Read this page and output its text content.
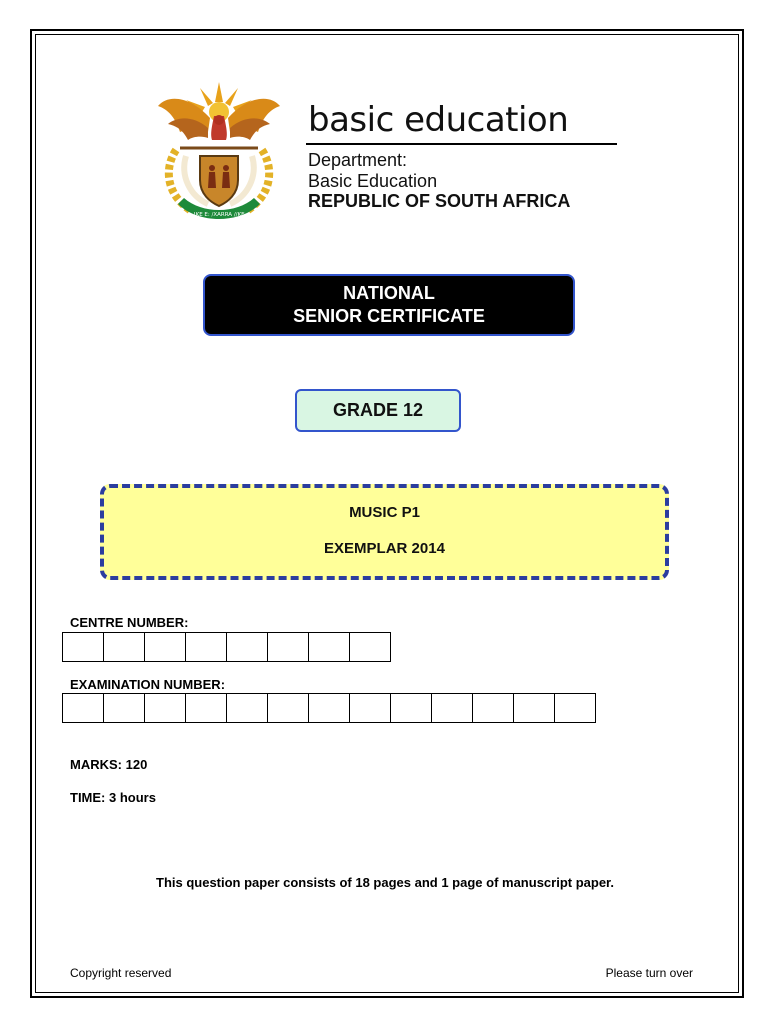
!KE E: /XARRA //KE
basic education
Department:
Basic Education
REPUBLIC OF SOUTH AFRICA
NATIONAL
SENIOR CERTIFICATE
GRADE 12
MUSIC P1
EXEMPLAR 2014
CENTRE NUMBER:
EXAMINATION NUMBER:
MARKS: 120
TIME: 3 hours
This question paper consists of 18 pages and 1 page of manuscript paper.
Copyright reserved	Please turn over
